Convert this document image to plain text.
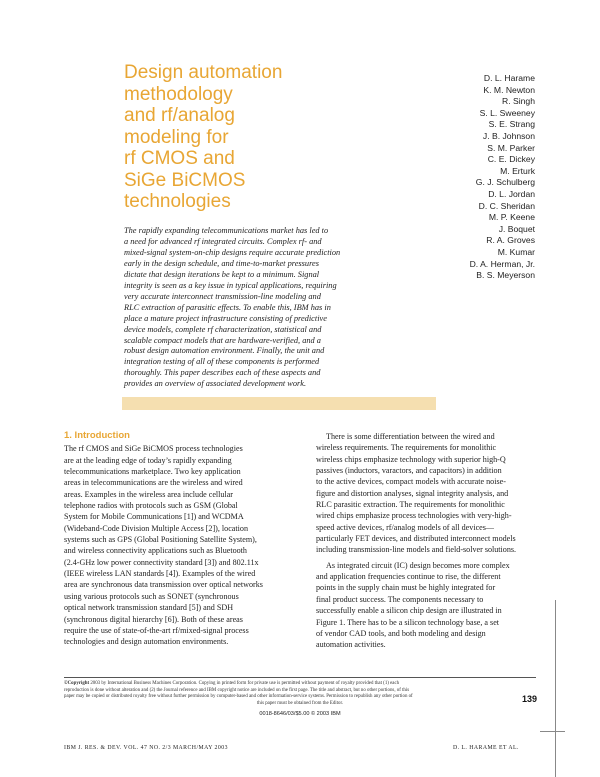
Design automation
methodology
and rf/analog
modeling for
rf CMOS and
SiGe BiCMOS
technologies
D. L. Harame
K. M. Newton
R. Singh
S. L. Sweeney
S. E. Strang
J. B. Johnson
S. M. Parker
C. E. Dickey
M. Erturk
G. J. Schulberg
D. L. Jordan
D. C. Sheridan
M. P. Keene
J. Boquet
R. A. Groves
M. Kumar
D. A. Herman, Jr.
B. S. Meyerson
The rapidly expanding telecommunications market has led to
a need for advanced rf integrated circuits. Complex rf- and
mixed-signal system-on-chip designs require accurate prediction
early in the design schedule, and time-to-market pressures
dictate that design iterations be kept to a minimum. Signal
integrity is seen as a key issue in typical applications, requiring
very accurate interconnect transmission-line modeling and
RLC extraction of parasitic effects. To enable this, IBM has in
place a mature project infrastructure consisting of predictive
device models, complete rf characterization, statistical and
scalable compact models that are hardware-verified, and a
robust design automation environment. Finally, the unit and
integration testing of all of these components is performed
thoroughly. This paper describes each of these aspects and
provides an overview of associated development work.
1. Introduction
The rf CMOS and SiGe BiCMOS process technologies
are at the leading edge of today’s rapidly expanding
telecommunications marketplace. Two key application
areas in telecommunications are the wireless and wired
areas. Examples in the wireless area include cellular
telephone radios with protocols such as GSM (Global
System for Mobile Communications [1]) and WCDMA
(Wideband-Code Division Multiple Access [2]), location
systems such as GPS (Global Positioning Satellite System),
and wireless connectivity applications such as Bluetooth
(2.4-GHz low power connectivity standard [3]) and 802.11x
(IEEE wireless LAN standards [4]). Examples of the wired
area are synchronous data transmission over optical networks
using various protocols such as SONET (synchronous
optical network transmission standard [5]) and SDH
(synchronous digital hierarchy [6]). Both of these areas
require the use of state-of-the-art rf/mixed-signal process
technologies and design automation environments.
There is some differentiation between the wired and
wireless requirements. The requirements for monolithic
wireless chips emphasize technology with superior high-Q
passives (inductors, varactors, and capacitors) in addition
to the active devices, compact models with accurate noise-
figure and distortion analyses, signal integrity analysis, and
RLC parasitic extraction. The requirements for monolithic
wired chips emphasize process technologies with very-high-
speed active devices, rf/analog models of all devices—
particularly FET devices, and distributed interconnect models
including transmission-line models and field-solver solutions.
As integrated circuit (IC) design becomes more complex
and application frequencies continue to rise, the different
points in the supply chain must be highly integrated for
final product success. The components necessary to
successfully enable a silicon chip design are illustrated in
Figure 1. There has to be a silicon technology base, a set
of vendor CAD tools, and both modeling and design
automation activities.
©Copyright 2003 by International Business Machines Corporation. Copying in printed form for private use is permitted without payment of royalty provided that (1) each
reproduction is done without alteration and (2) the Journal reference and IBM copyright notice are included on the first page. The title and abstract, but no other portions, of this
paper may be copied or distributed royalty free without further permission by computer-based and other information-service systems. Permission to republish any other portion of
this paper must be obtained from the Editor.
0018-8646/03/$5.00 © 2003 IBM
139
IBM J. RES. & DEV. VOL. 47 NO. 2/3 MARCH/MAY 2003	D. L. HARAME ET AL.
